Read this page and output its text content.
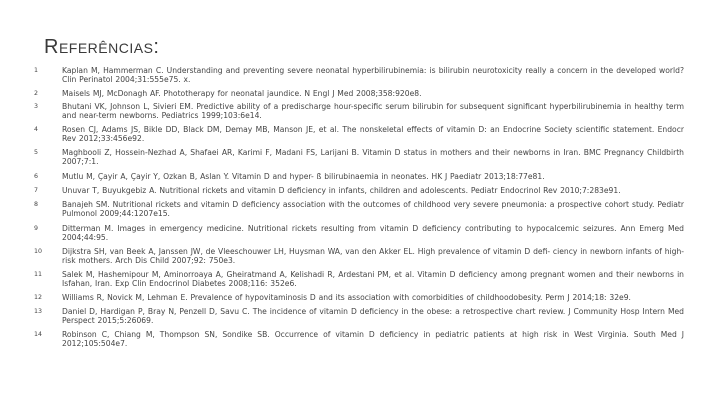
Referências:
1	Kaplan M, Hammerman C. Understanding and preventing severe neonatal hyperbilirubinemia: is bilirubin neurotoxicity really a concern in the developed world? Clin Perinatol 2004;31:555e75. x.
2	Maisels MJ, McDonagh AF. Phototherapy for neonatal jaundice. N Engl J Med 2008;358:920e8.
3	Bhutani VK, Johnson L, Sivieri EM. Predictive ability of a predischarge hour-specific serum bilirubin for subsequent significant hyperbilirubinemia in healthy term and near-term newborns. Pediatrics 1999;103:6e14.
4	Rosen CJ, Adams JS, Bikle DD, Black DM, Demay MB, Manson JE, et al. The nonskeletal effects of vitamin D: an Endocrine Society scientific statement. Endocr Rev 2012;33:456e92.
5	Maghbooli Z, Hossein-Nezhad A, Shafaei AR, Karimi F, Madani FS, Larijani B. Vitamin D status in mothers and their newborns in Iran. BMC Pregnancy Childbirth 2007;7:1.
6	Mutlu M, Çayir A, Çayir Y, Ozkan B, Aslan Y. Vitamin D and hyper- ß bilirubinaemia in neonates. HK J Paediatr 2013;18:77e81.
7	Unuvar T, Buyukgebiz A. Nutritional rickets and vitamin D deficiency in infants, children and adolescents. Pediatr Endocrinol Rev 2010;7:283e91.
8	Banajeh SM. Nutritional rickets and vitamin D deficiency association with the outcomes of childhood very severe pneumonia: a prospective cohort study. Pediatr Pulmonol 2009;44:1207e15.
9	Ditterman M. Images in emergency medicine. Nutritional rickets resulting from vitamin D deficiency contributing to hypocalcemic seizures. Ann Emerg Med 2004;44:95.
10	Dijkstra SH, van Beek A, Janssen JW, de Vleeschouwer LH, Huysman WA, van den Akker EL. High prevalence of vitamin D defi- ciency in newborn infants of high-risk mothers. Arch Dis Child 2007;92: 750e3.
11	Salek M, Hashemipour M, Aminorroaya A, Gheiratmand A, Kelishadi R, Ardestani PM, et al. Vitamin D deficiency among pregnant women and their newborns in Isfahan, Iran. Exp Clin Endocrinol Diabetes 2008;116: 352e6.
12	Williams R, Novick M, Lehman E. Prevalence of hypovitaminosis D and its association with comorbidities of childhoodobesity. Perm J 2014;18: 32e9.
13	Daniel D, Hardigan P, Bray N, Penzell D, Savu C. The incidence of vitamin D deficiency in the obese: a retrospective chart review. J Community Hosp Intern Med Perspect 2015;5:26069.
14	Robinson C, Chiang M, Thompson SN, Sondike SB. Occurrence of vitamin D deficiency in pediatric patients at high risk in West Virginia. South Med J 2012;105:504e7.
